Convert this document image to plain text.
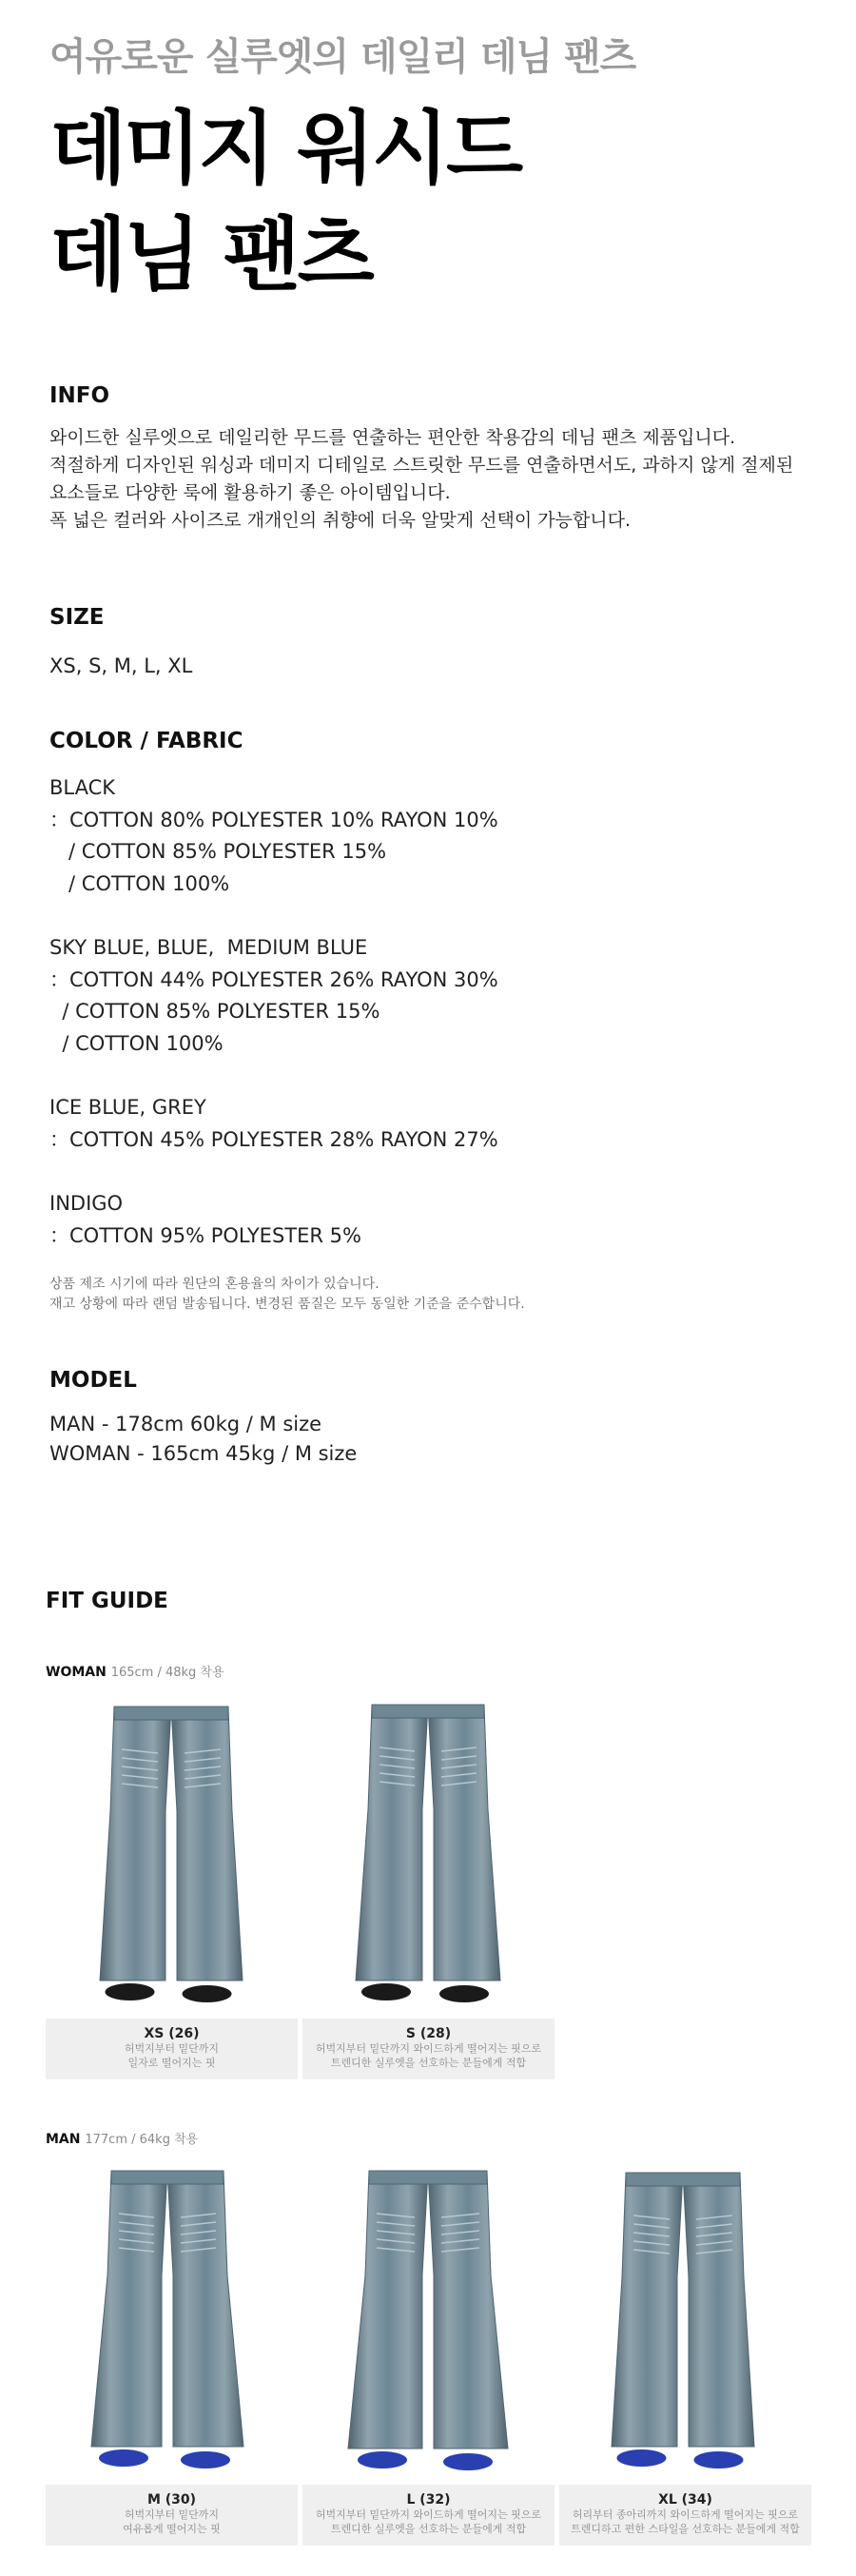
여유로운 실루엣의 데일리 데님 팬츠
데미지 워시드
데님 팬츠
INFO
와이드한 실루엣으로 데일리한 무드를 연출하는 편안한 착용감의 데님 팬츠 제품입니다.
적절하게 디자인된 워싱과 데미지 디테일로 스트릿한 무드를 연출하면서도, 과하지 않게 절제된
요소들로 다양한 룩에 활용하기 좋은 아이템입니다.
폭 넓은 컬러와 사이즈로 개개인의 취향에 더욱 알맞게 선택이 가능합니다.
SIZE
XS, S, M, L, XL
COLOR / FABRIC
BLACK
：COTTON 80% POLYESTER 10% RAYON 10%
/ COTTON 85% POLYESTER 15%
/ COTTON 100%
SKY BLUE, BLUE,  MEDIUM BLUE
：COTTON 44% POLYESTER 26% RAYON 30%
/ COTTON 85% POLYESTER 15%
/ COTTON 100%
ICE BLUE, GREY
：COTTON 45% POLYESTER 28% RAYON 27%
INDIGO
：COTTON 95% POLYESTER 5%
상품 제조 시기에 따라 원단의 혼용율의 차이가 있습니다.
재고 상황에 따라 랜덤 발송됩니다. 변경된 품질은 모두 동일한 기준을 준수합니다.
MODEL
MAN - 178cm 60kg / M size
WOMAN - 165cm 45kg / M size
FIT GUIDE
WOMAN 165cm / 48kg 착용
XS (26)
허벅지부터 밑단까지
일자로 떨어지는 핏
S (28)
허벅지부터 밑단까지 와이드하게 떨어지는 핏으로
트렌디한 실루엣을 선호하는 분들에게 적합
MAN 177cm / 64kg 착용
M (30)
허벅지부터 밑단까지
여유롭게 떨어지는 핏
L (32)
허벅지부터 밑단까지 와이드하게 떨어지는 핏으로
트렌디한 실루엣을 선호하는 분들에게 적합
XL (34)
허리부터 종아리까지 와이드하게 떨어지는 핏으로
트렌디하고 편한 스타일을 선호하는 분들에게 적합
